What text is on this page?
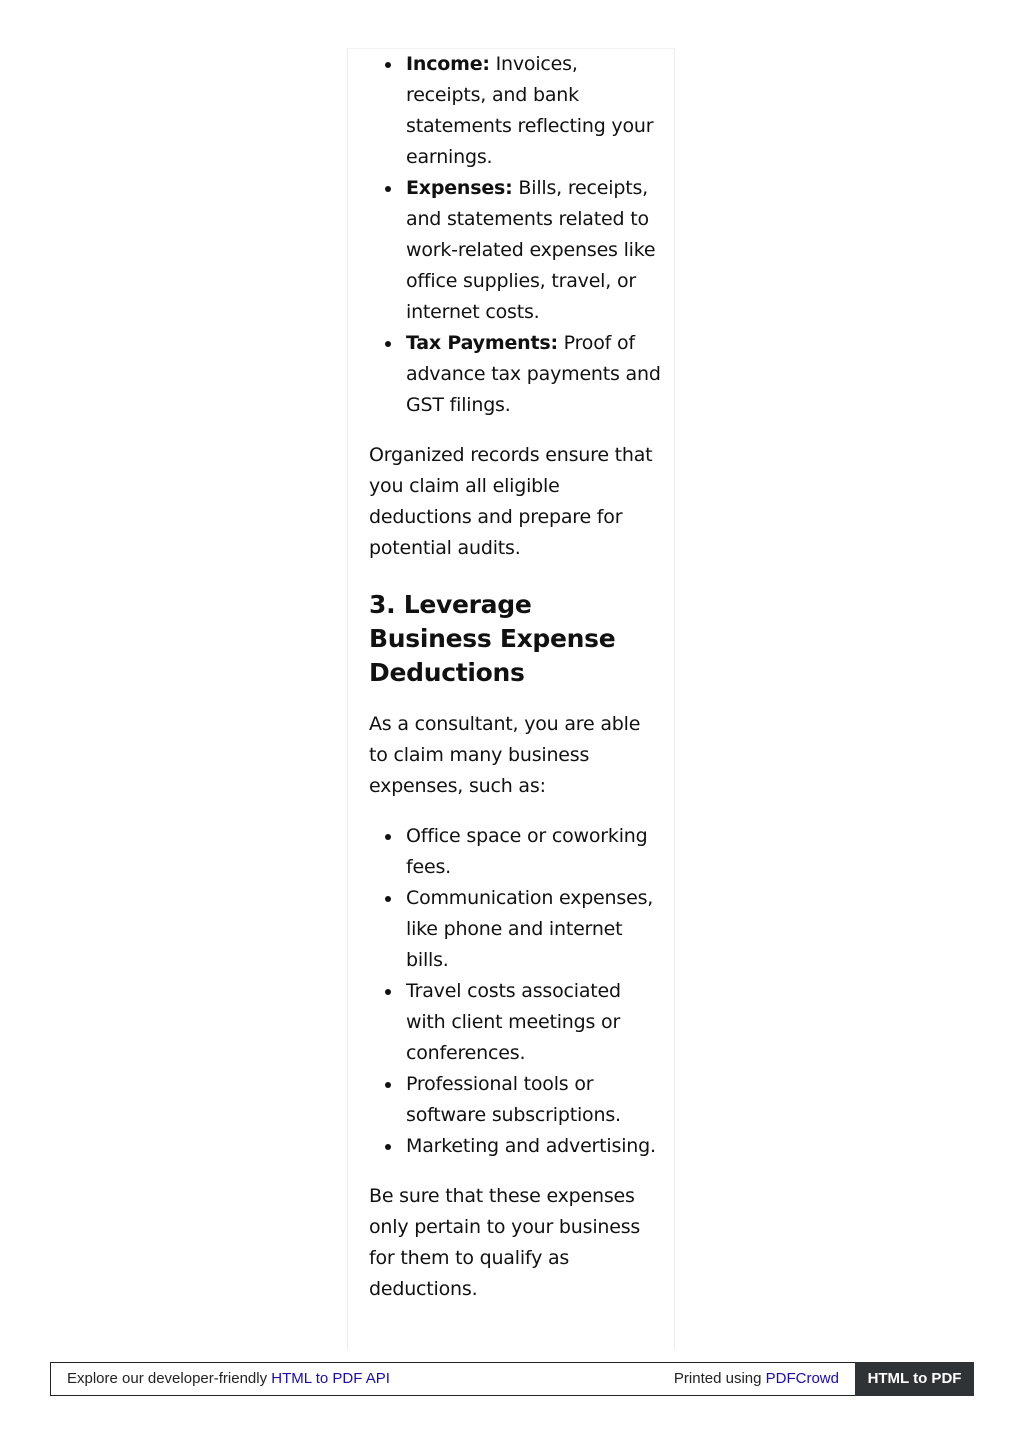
Income: Invoices, receipts, and bank statements reflecting your earnings.
Expenses: Bills, receipts, and statements related to work-related expenses like office supplies, travel, or internet costs.
Tax Payments: Proof of advance tax payments and GST filings.

Organized records ensure that you claim all eligible deductions and prepare for potential audits.

3. Leverage Business Expense Deductions

As a consultant, you are able to claim many business expenses, such as:

Office space or coworking fees.
Communication expenses, like phone and internet bills.
Travel costs associated with client meetings or conferences.
Professional tools or software subscriptions.
Marketing and advertising.

Be sure that these expenses only pertain to your business for them to qualify as deductions.

Explore our developer-friendly HTML to PDF API	Printed using PDFCrowd	HTML to PDF
